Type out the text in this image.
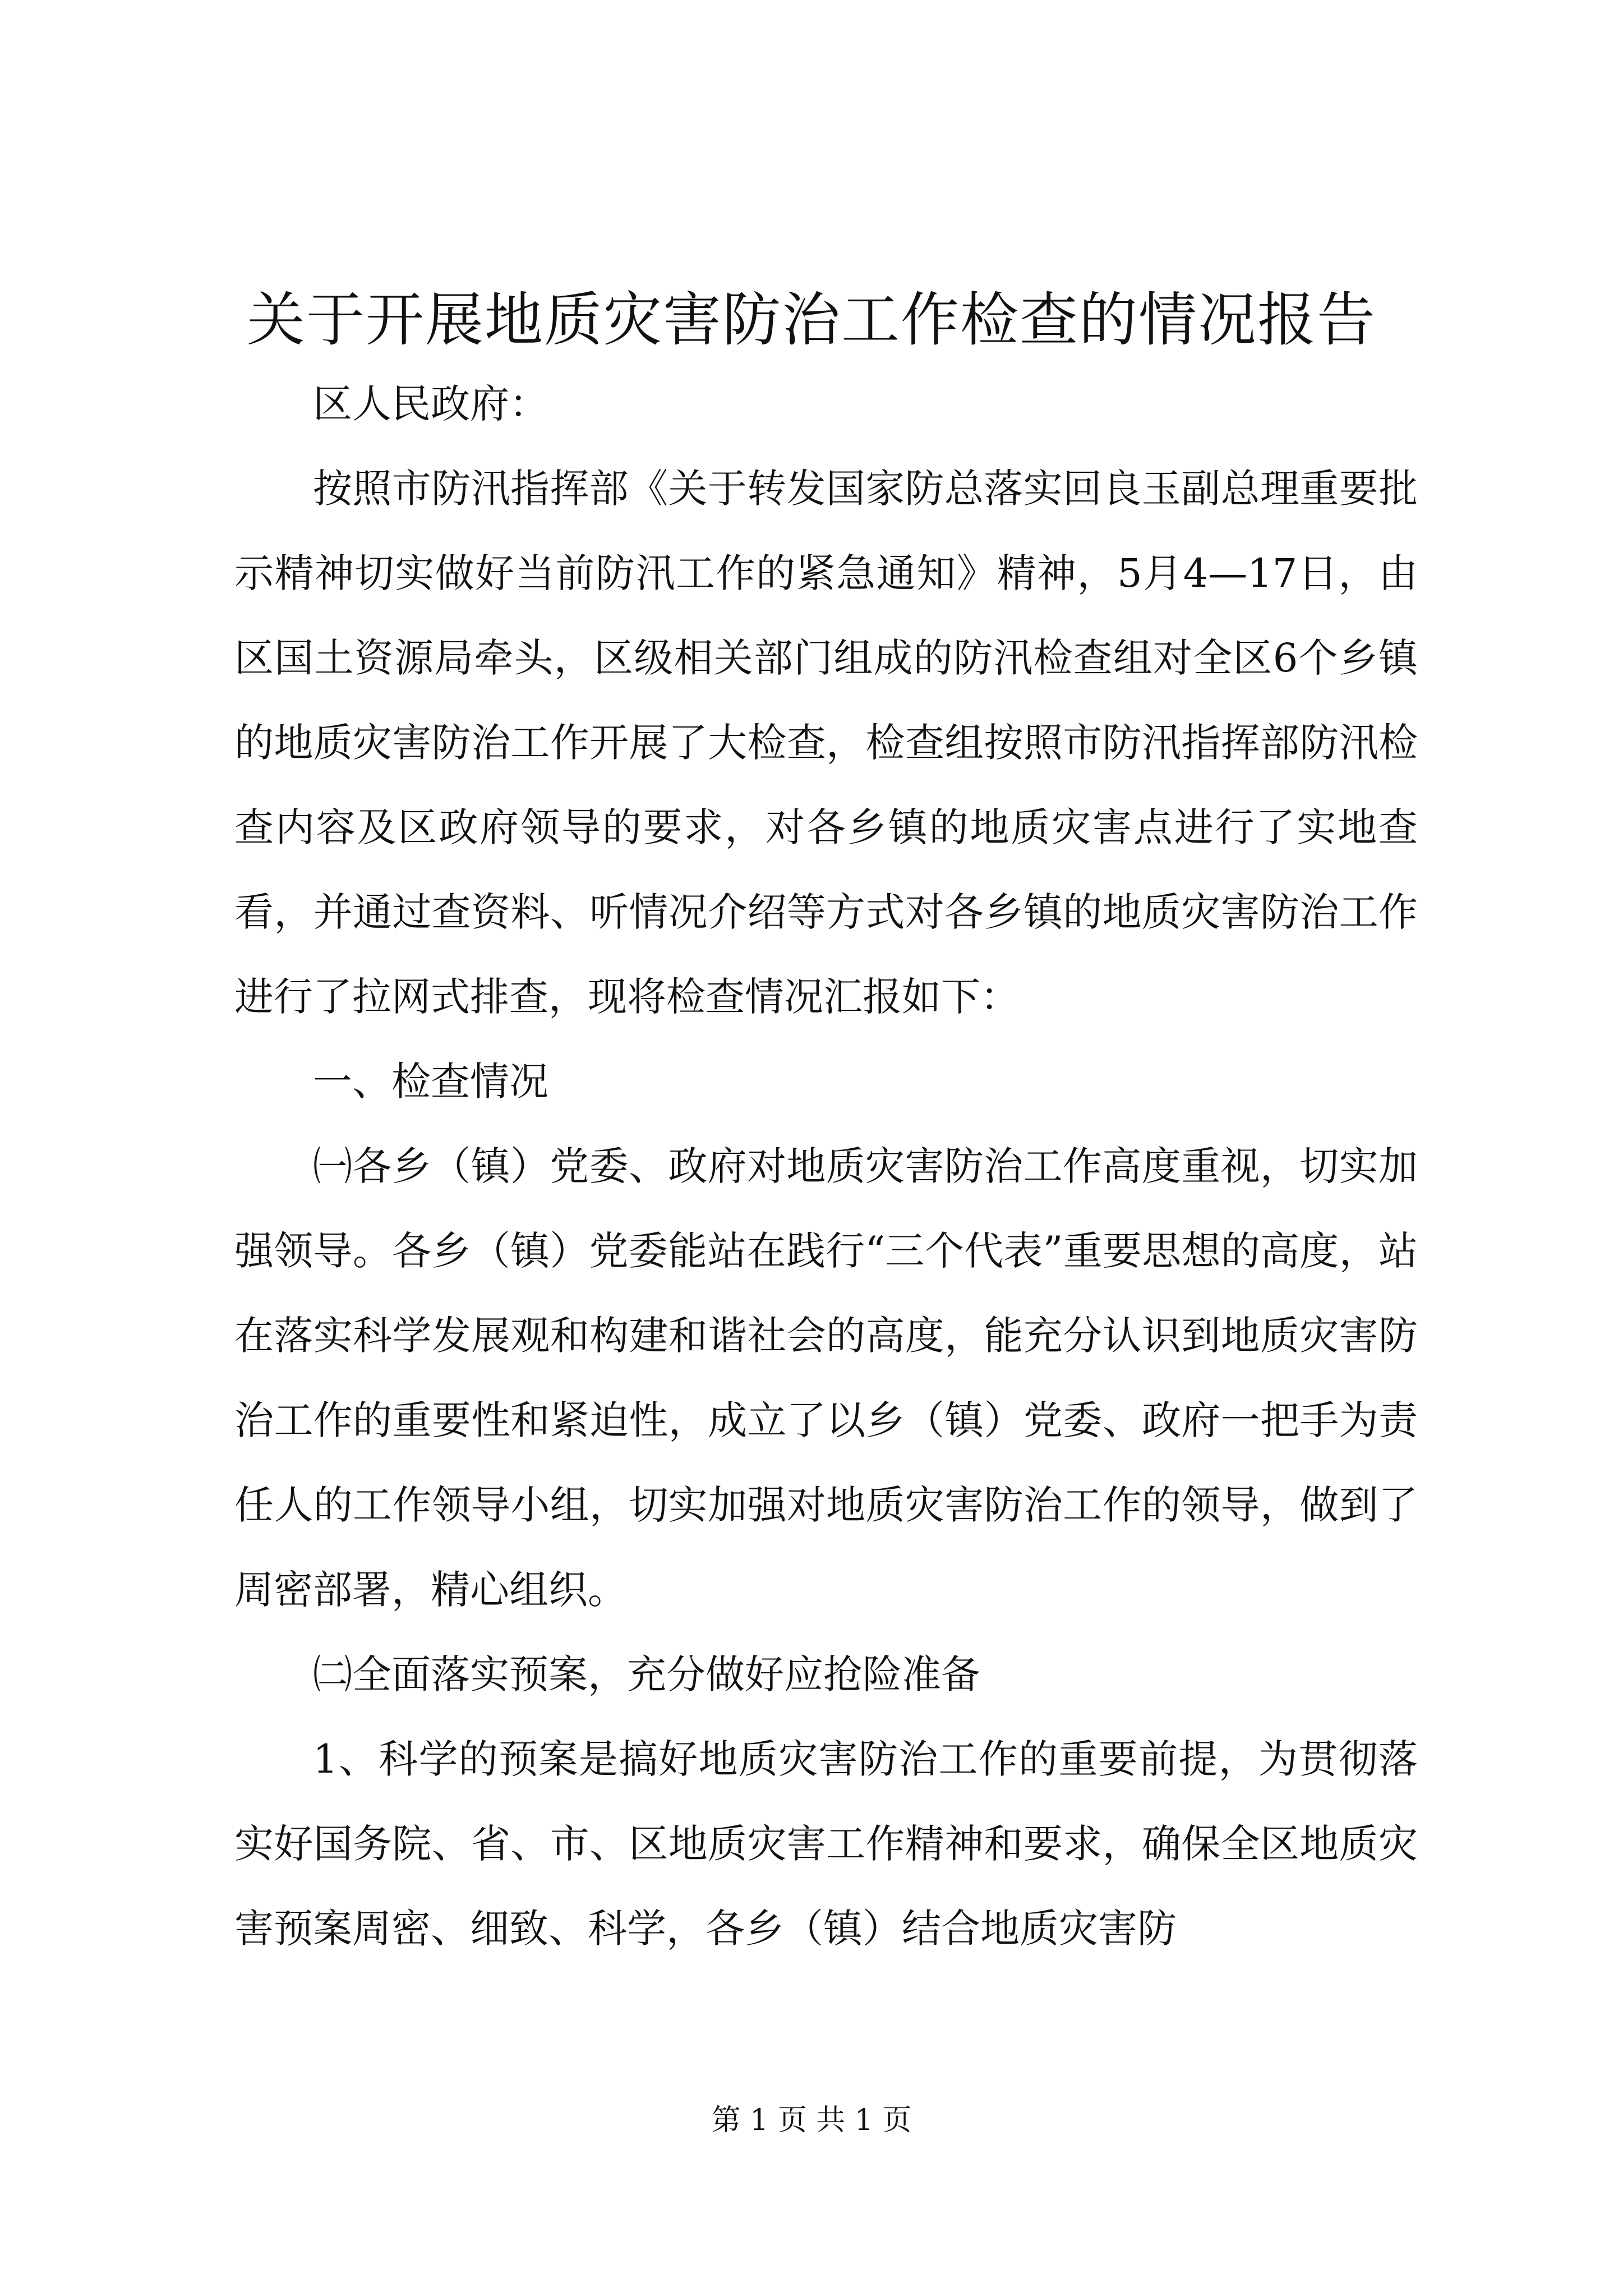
关于开展地质灾害防治工作检查的情况报告

区人民政府：

按照市防汛指挥部《关于转发国家防总落实回良玉副总理重要批示精神切实做好当前防汛工作的紧急通知》精神，5月4—17日，由区国土资源局牵头，区级相关部门组成的防汛检查组对全区6个乡镇的地质灾害防治工作开展了大检查，检查组按照市防汛指挥部防汛检查内容及区政府领导的要求，对各乡镇的地质灾害点进行了实地查看，并通过查资料、听情况介绍等方式对各乡镇的地质灾害防治工作进行了拉网式排查，现将检查情况汇报如下：

一、检查情况

㈠各乡（镇）党委、政府对地质灾害防治工作高度重视，切实加强领导。各乡（镇）党委能站在践行“三个代表”重要思想的高度，站在落实科学发展观和构建和谐社会的高度，能充分认识到地质灾害防治工作的重要性和紧迫性，成立了以乡（镇）党委、政府一把手为责任人的工作领导小组，切实加强对地质灾害防治工作的领导，做到了周密部署，精心组织。

㈡全面落实预案，充分做好应抢险准备

1、科学的预案是搞好地质灾害防治工作的重要前提，为贯彻落实好国务院、省、市、区地质灾害工作精神和要求，确保全区地质灾害预案周密、细致、科学，各乡（镇）结合地质灾害防

第 1 页 共 1 页
